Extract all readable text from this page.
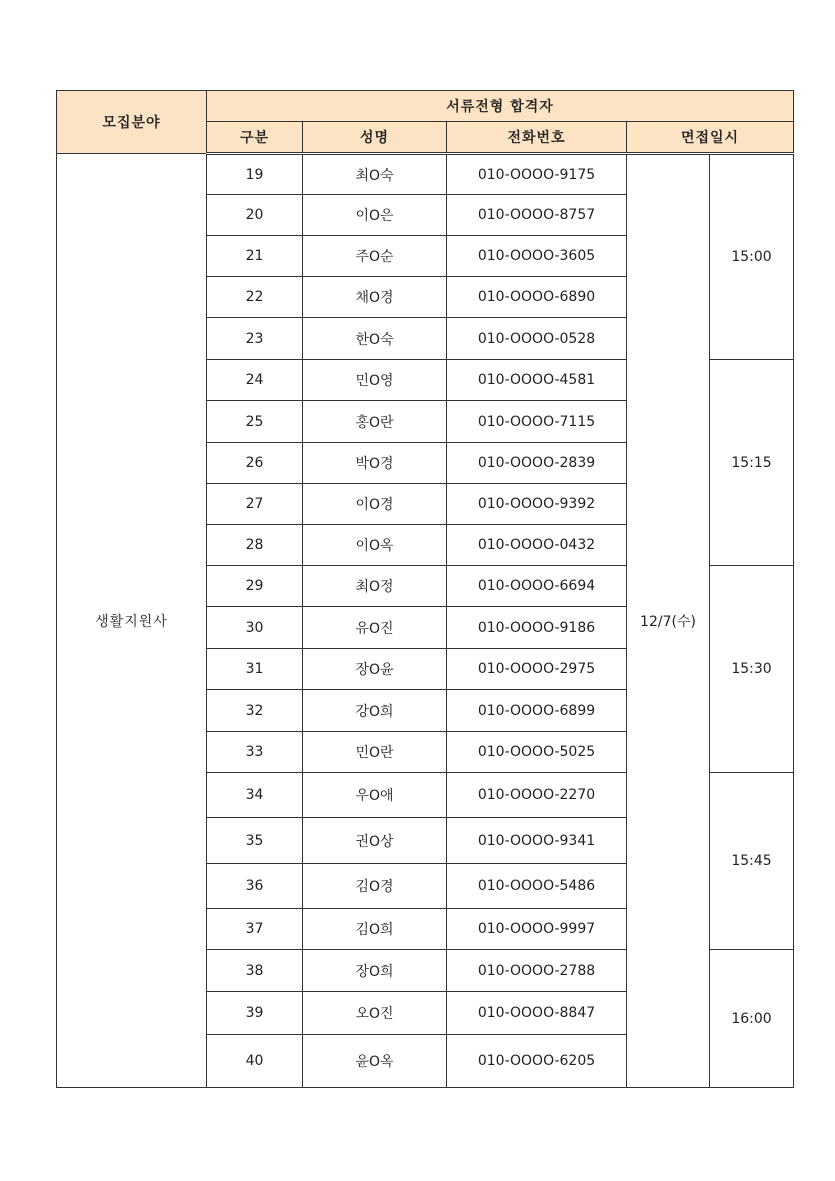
모집분야	서류전형 합격자				
	구분	성명	전화번호	면접일시	
생활지원사	19	최O숙	010-OOOO-9175	12/7(수)	15:00
	20	이O은	010-OOOO-8757		
	21	주O순	010-OOOO-3605		
	22	채O경	010-OOOO-6890		
	23	한O숙	010-OOOO-0528		
	24	민O영	010-OOOO-4581		15:15
	25	홍O란	010-OOOO-7115		
	26	박O경	010-OOOO-2839		
	27	이O경	010-OOOO-9392		
	28	이O옥	010-OOOO-0432		
	29	최O정	010-OOOO-6694		15:30
	30	유O진	010-OOOO-9186		
	31	장O윤	010-OOOO-2975		
	32	강O희	010-OOOO-6899		
	33	민O란	010-OOOO-5025		
	34	우O애	010-OOOO-2270		15:45
	35	권O상	010-OOOO-9341		
	36	김O경	010-OOOO-5486		
	37	김O희	010-OOOO-9997		
	38	장O희	010-OOOO-2788		16:00
	39	오O진	010-OOOO-8847		
	40	윤O옥	010-OOOO-6205		
